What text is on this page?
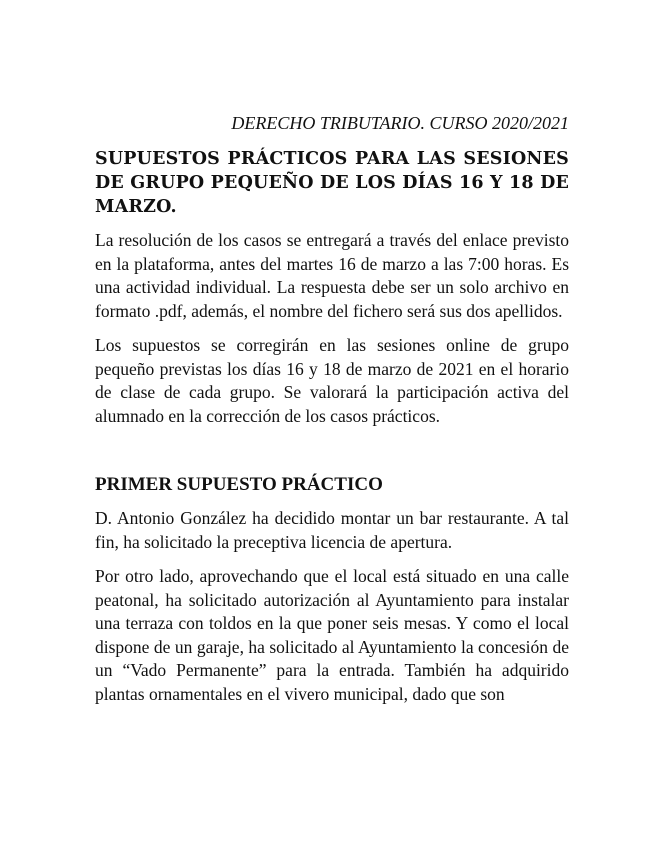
DERECHO TRIBUTARIO. CURSO 2020/2021
SUPUESTOS PRÁCTICOS PARA LAS SESIONES DE GRUPO PEQUEÑO DE LOS DÍAS 16 Y 18 DE MARZO.

La resolución de los casos se entregará a través del enlace previsto en la plataforma, antes del martes 16 de marzo a las 7:00 horas. Es una actividad individual. La respuesta debe ser un solo archivo en formato .pdf, además, el nombre del fichero será sus dos apellidos.

Los supuestos se corregirán en las sesiones online de grupo pequeño previstas los días 16 y 18 de marzo de 2021 en el horario de clase de cada grupo. Se valorará la participación activa del alumnado en la corrección de los casos prácticos.

PRIMER SUPUESTO PRÁCTICO

D. Antonio González ha decidido montar un bar restaurante. A tal fin, ha solicitado la preceptiva licencia de apertura.

Por otro lado, aprovechando que el local está situado en una calle peatonal, ha solicitado autorización al Ayuntamiento para instalar una terraza con toldos en la que poner seis mesas. Y como el local dispone de un garaje, ha solicitado al Ayuntamiento la concesión de un “Vado Permanente” para la entrada. También ha adquirido plantas ornamentales en el vivero municipal, dado que son
